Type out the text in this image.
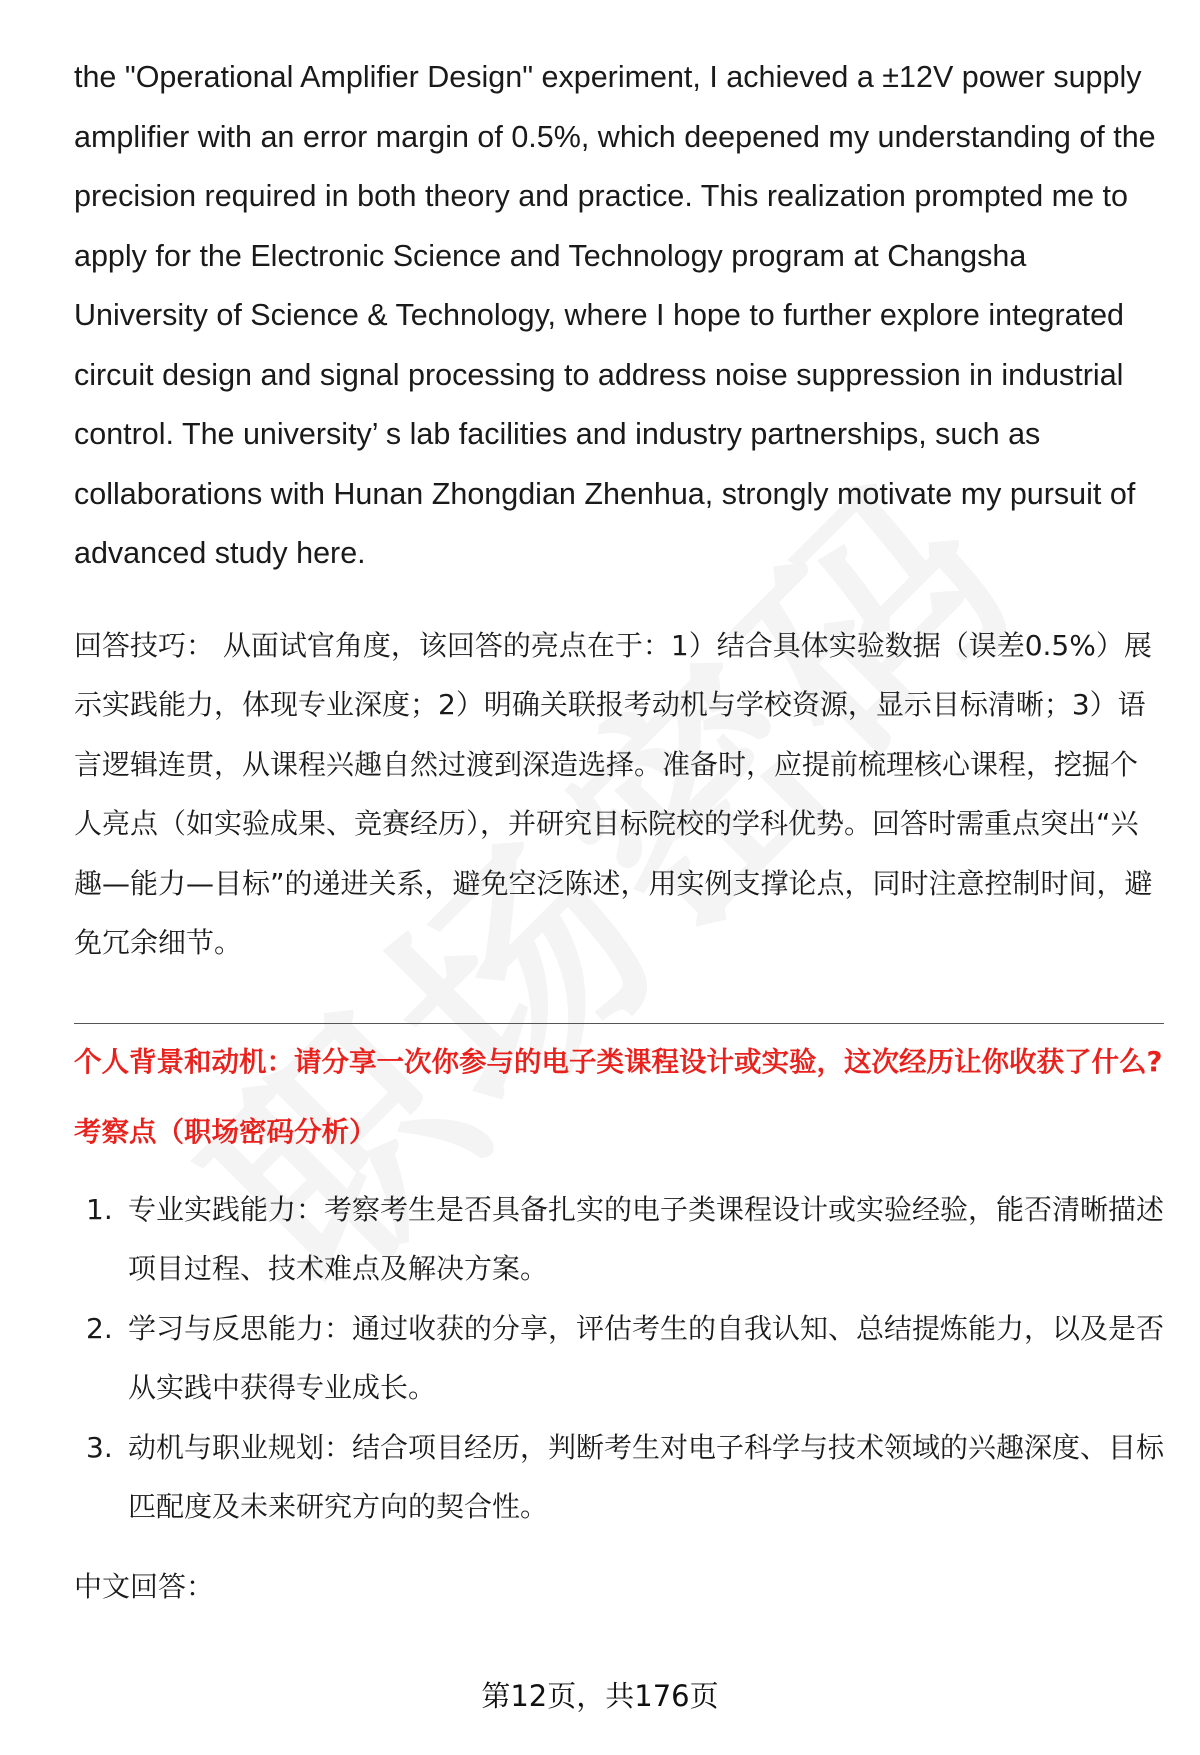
the "Operational Amplifier Design" experiment, I achieved a ±12V power supply amplifier with an error margin of 0.5%, which deepened my understanding of the precision required in both theory and practice. This realization prompted me to apply for the Electronic Science and Technology program at Changsha University of Science & Technology, where I hope to further explore integrated circuit design and signal processing to address noise suppression in industrial control. The university’ s lab facilities and industry partnerships, such as collaborations with Hunan Zhongdian Zhenhua, strongly motivate my pursuit of advanced study here.

回答技巧： 从面试官角度，该回答的亮点在于：1）结合具体实验数据（误差0.5%）展示实践能力，体现专业深度；2）明确关联报考动机与学校资源，显示目标清晰；3）语言逻辑连贯，从课程兴趣自然过渡到深造选择。准备时，应提前梳理核心课程，挖掘个人亮点（如实验成果、竞赛经历），并研究目标院校的学科优势。回答时需重点突出“兴趣—能力—目标”的递进关系，避免空泛陈述，用实例支撑论点，同时注意控制时间，避免冗余细节。

个人背景和动机：请分享一次你参与的电子类课程设计或实验，这次经历让你收获了什么?

考察点（职场密码分析）

1. 专业实践能力：考察考生是否具备扎实的电子类课程设计或实验经验，能否清晰描述项目过程、技术难点及解决方案。
2. 学习与反思能力：通过收获的分享，评估考生的自我认知、总结提炼能力，以及是否从实践中获得专业成长。
3. 动机与职业规划：结合项目经历，判断考生对电子科学与技术领域的兴趣深度、目标匹配度及未来研究方向的契合性。

中文回答：

第12页，共176页
